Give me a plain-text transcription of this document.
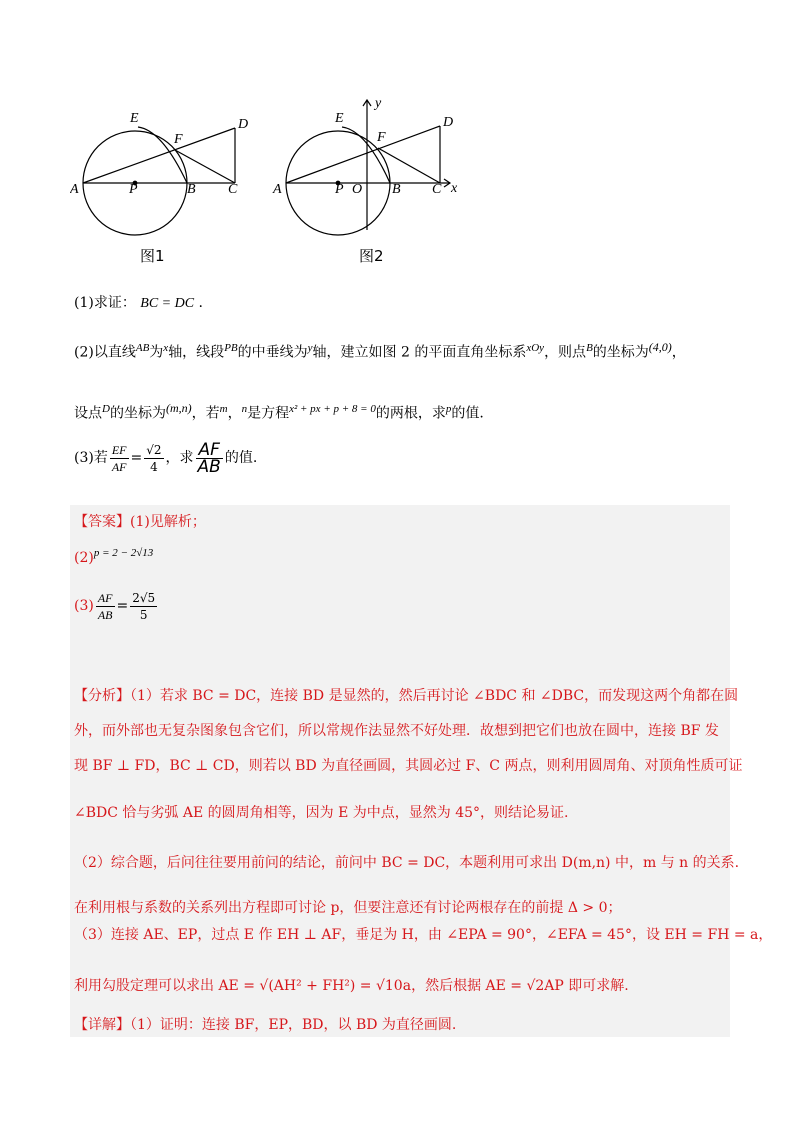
E
F
D
A	P	B C
E
F
D
A	P O B C x
y
图1	图2
(1)求证： BC = DC .
(2)以直线$^{AB}$为$^x$轴，线段$^{PB}$的中垂线为$^y$轴，建立如图 2 的平面直角坐标系$^{xOy}$，则点$^B$的坐标为(4,0)，
设点$^D$的坐标为(m,n)，若$^m$，$^n$是方程$^{x^2 + px + p + 8 = 0}$的两根，求$^p$的值.
(3)若 $\frac{EF}{AF} = \frac{√2}{4}$ ，求 $\frac{AF}{AB}$ 的值.
【答案】(1)见解析；
(2)p = 2 − 2√13
$(3) \frac{AF}{AB} = \frac{2√5}{5}$
【分析】（1）若求 BC = DC，连接 BD 是显然的，然后再讨论 ∠BDC 和 ∠DBC，而发现这两个角都在圆
外，而外部也无复杂图象包含它们，所以常规作法显然不好处理．故想到把它们也放在圆中，连接 BF 发
现 BF ⊥ FD，BC ⊥ CD，则若以 BD 为直径画圆，其圆必过 F、C 两点，则利用圆周角、对顶角性质可证
∠BDC 恰与劣弧 AE 的圆周角相等，因为 E 为中点，显然为 45°，则结论易证.
（2）综合题，后问往往要用前问的结论，前问中 BC = DC，本题利用可求出 D(m,n) 中，m 与 n 的关系.
在利用根与系数的关系列出方程即可讨论 p，但要注意还有讨论两根存在的前提 Δ > 0；
（3）连接 AE、EP，过点 E 作 EH ⊥ AF，垂足为 H，由 ∠EPA = 90°，∠EFA = 45°，设 EH = FH = a，
利用勾股定理可以求出 AE = √(AH² + FH²) = √10a，然后根据 AE = √2AP 即可求解.
【详解】（1）证明：连接 BF，EP，BD，以 BD 为直径画圆.
